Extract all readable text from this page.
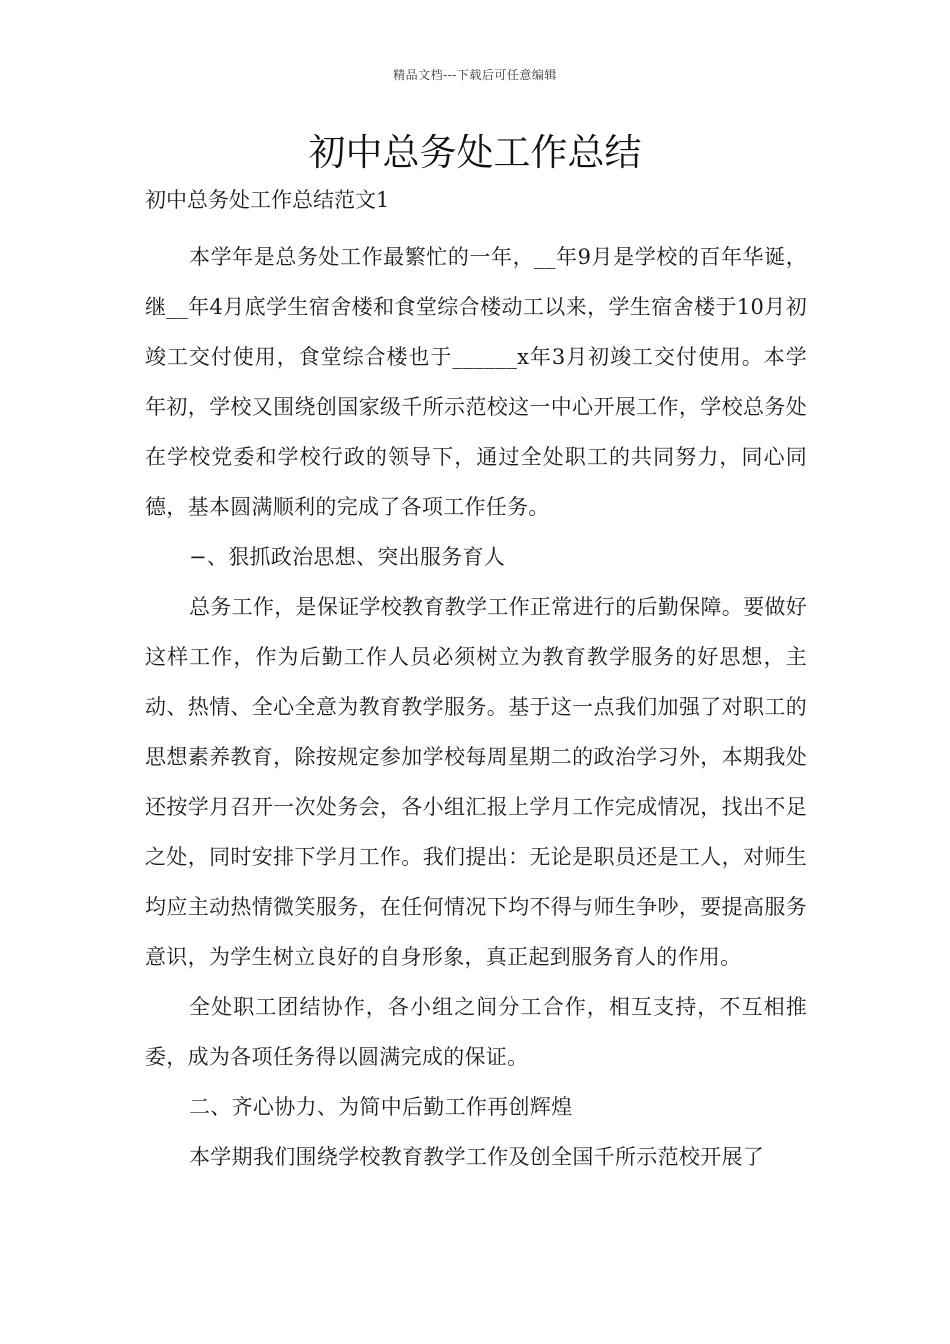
精品文档---下载后可任意编辑
初中总务处工作总结
初中总务处工作总结范文1

本学年是总务处工作最繁忙的一年，__年9月是学校的百年华诞，继__年4月底学生宿舍楼和食堂综合楼动工以来，学生宿舍楼于10月初竣工交付使用，食堂综合楼也于______x年3月初竣工交付使用。本学年初，学校又围绕创国家级千所示范校这一中心开展工作，学校总务处在学校党委和学校行政的领导下，通过全处职工的共同努力，同心同德，基本圆满顺利的完成了各项工作任务。

−、狠抓政治思想、突出服务育人

总务工作，是保证学校教育教学工作正常进行的后勤保障。要做好这样工作，作为后勤工作人员必须树立为教育教学服务的好思想，主动、热情、全心全意为教育教学服务。基于这一点我们加强了对职工的思想素养教育，除按规定参加学校每周星期二的政治学习外，本期我处还按学月召开一次处务会，各小组汇报上学月工作完成情况，找出不足之处，同时安排下学月工作。我们提出：无论是职员还是工人，对师生均应主动热情微笑服务，在任何情况下均不得与师生争吵，要提高服务意识，为学生树立良好的自身形象，真正起到服务育人的作用。

全处职工团结协作，各小组之间分工合作，相互支持，不互相推委，成为各项任务得以圆满完成的保证。

二、齐心协力、为简中后勤工作再创辉煌

本学期我们围绕学校教育教学工作及创全国千所示范校开展了
